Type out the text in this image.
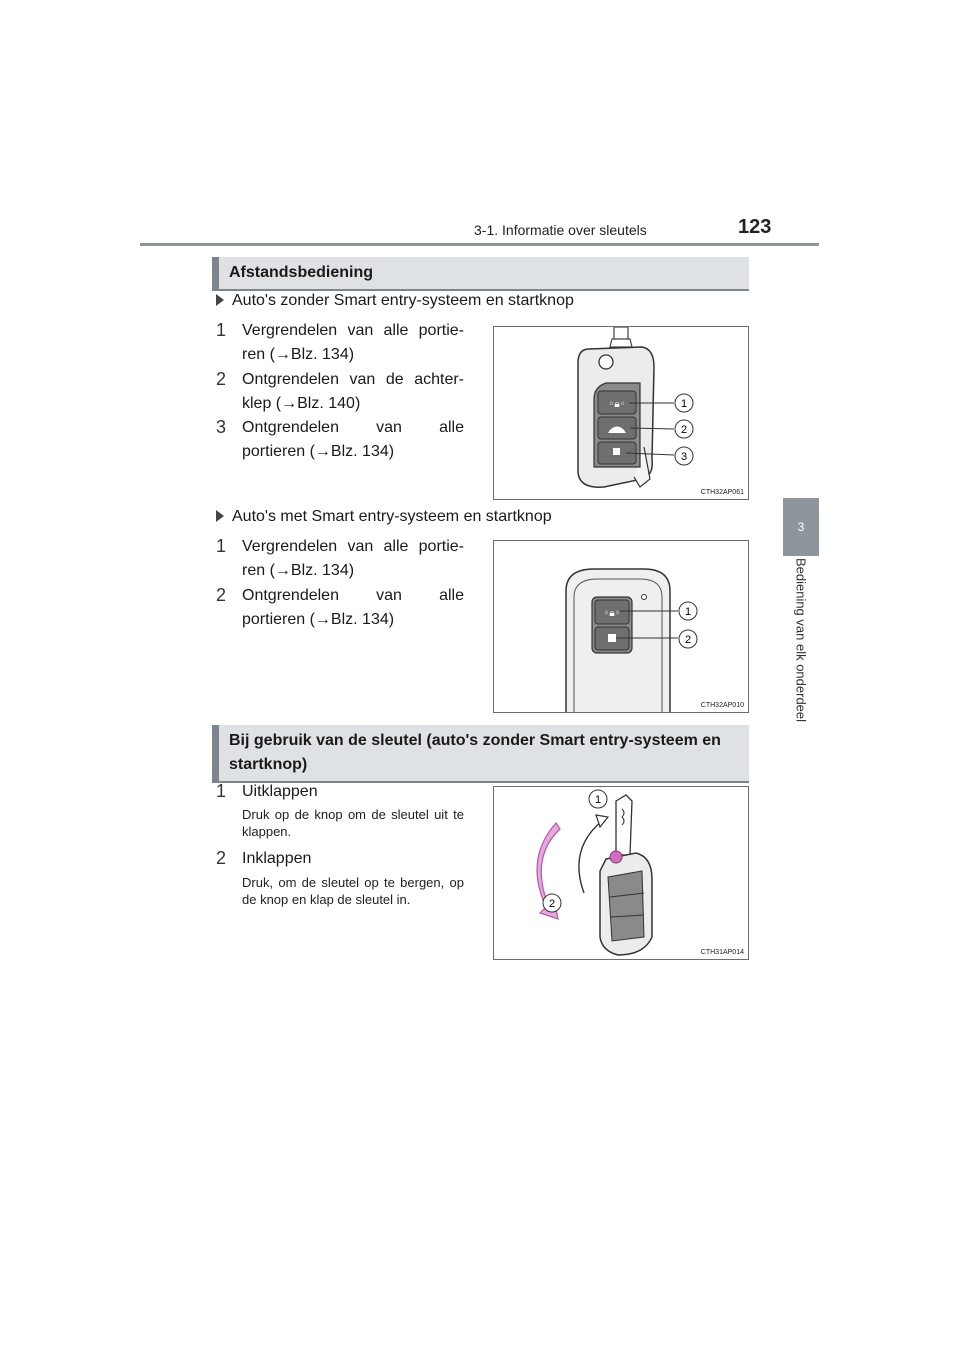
3-1. Informatie over sleutels	123
3
Bediening van elk onderdeel
Afstandsbediening
Auto's zonder Smart entry-systeem en startknop
1 Vergrendelen van alle portie-ren (→Blz. 134)
2 Ontgrendelen van de achter-klep (→Blz. 140)
3 Ontgrendelen van alle portieren (→Blz. 134)
◦🔒︎◦	1
2
3
CTH32AP061
Auto's met Smart entry-systeem en startknop
1 Vergrendelen van alle portie-ren (→Blz. 134)
2 Ontgrendelen van alle portieren (→Blz. 134)	◦🔒︎◦	1
2
CTH32AP010
Bij gebruik van de sleutel (auto's zonder Smart entry-systeem en startknop)
1 Uitklappen
Druk op de knop om de sleutel uit te klappen.
2 Inklappen
Druk, om de sleutel op te bergen, op de knop en klap de sleutel in.
1
2
CTH31AP014
